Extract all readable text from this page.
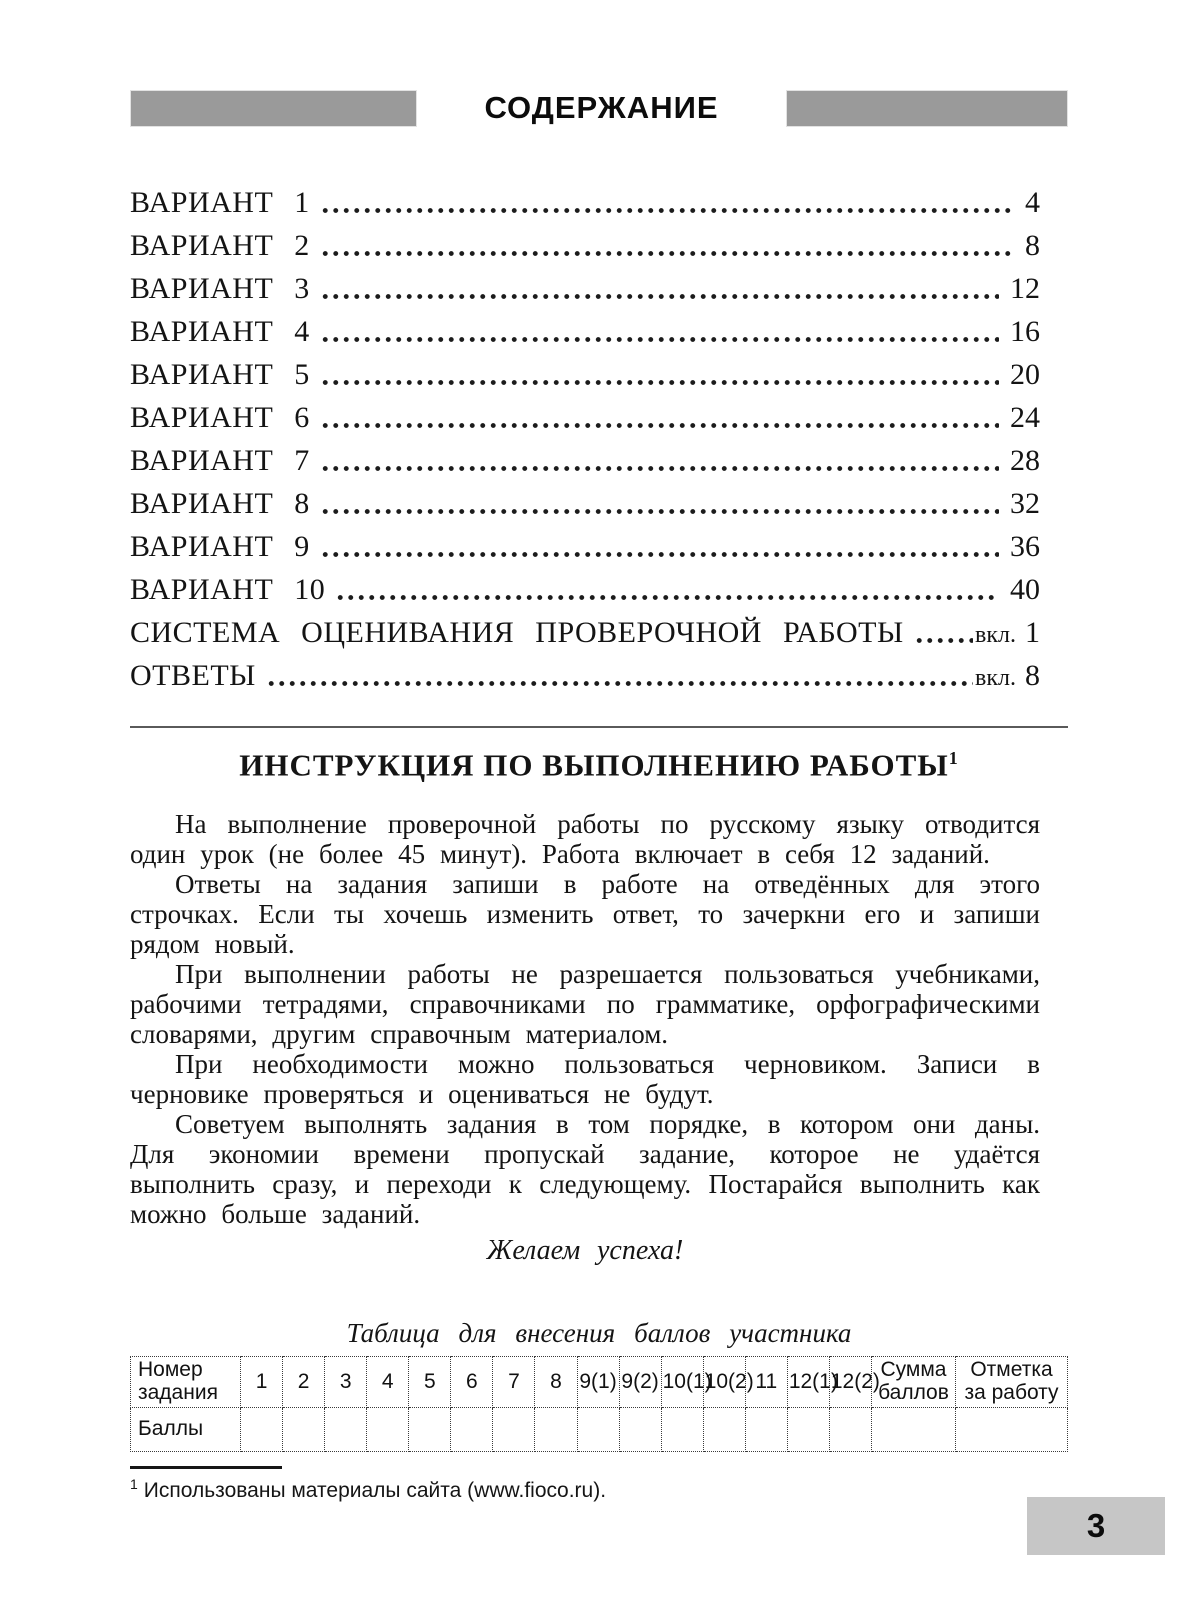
СОДЕРЖАНИЕ
ВАРИАНТ 1	4
ВАРИАНТ 2	8
ВАРИАНТ 3	12
ВАРИАНТ 4	16
ВАРИАНТ 5	20
ВАРИАНТ 6	24
ВАРИАНТ 7	28
ВАРИАНТ 8	32
ВАРИАНТ 9	36
ВАРИАНТ 10	40
СИСТЕМА ОЦЕНИВАНИЯ ПРОВЕРОЧНОЙ РАБОТЫ	вкл. 1
ОТВЕТЫ	вкл. 8
ИНСТРУКЦИЯ ПО ВЫПОЛНЕНИЮ РАБОТЫ$^1$

На выполнение проверочной работы по русскому языку отводится один урок (не более 45 минут). Работа включает в себя 12 заданий.

Ответы на задания запиши в работе на отведённых для этого строчках. Если ты хочешь изменить ответ, то зачеркни его и запиши рядом новый.

При выполнении работы не разрешается пользоваться учебниками, рабочими тетрадями, справочниками по грамматике, орфографическими словарями, другим справочным материалом.

При необходимости можно пользоваться черновиком. Записи в черновике проверяться и оцениваться не будут.

Советуем выполнять задания в том порядке, в котором они даны. Для экономии времени пропускай задание, которое не удаётся выполнить сразу, и переходи к следующему. Постарайся выполнить как можно больше заданий.

Желаем успеха!
Таблица для внесения баллов участника
Номер задания	1	2	3	4	5	6	7	8	9(1)	9(2)	10(1)	10(2)	11	12(1)	12(2)	Сумма баллов	Отметка за работу
Баллы																	
$^1$ Использованы материалы сайта (www.fioco.ru).
3
